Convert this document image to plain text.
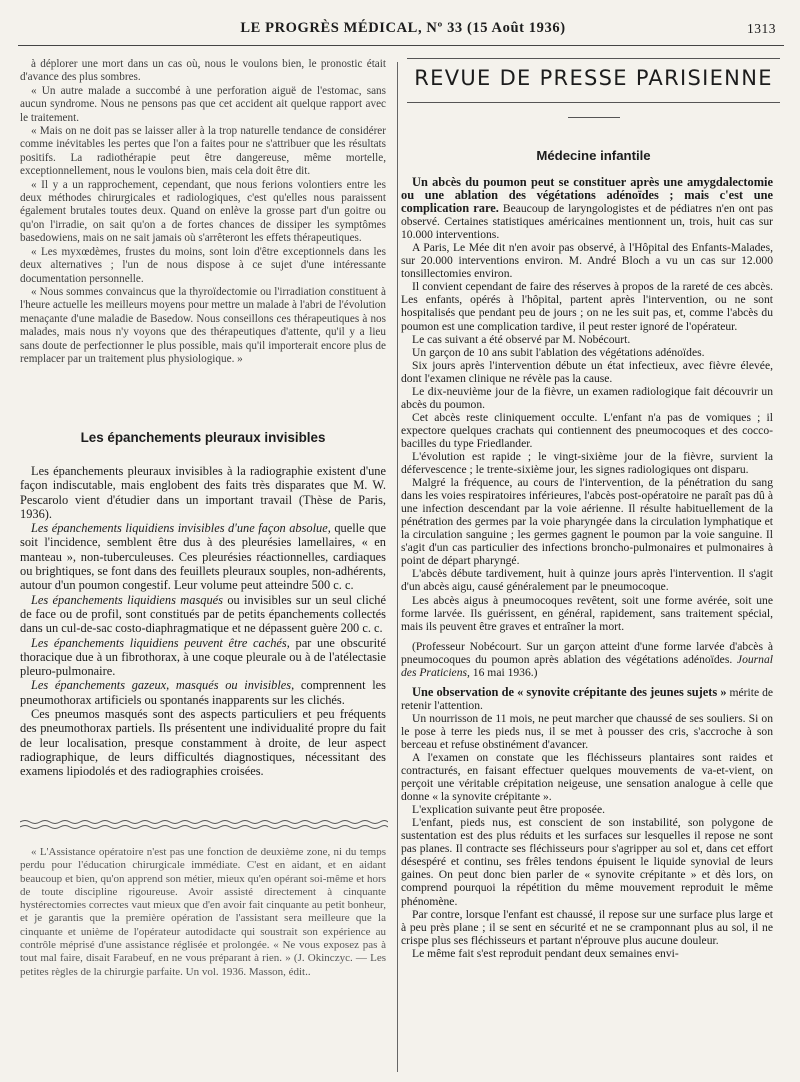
LE PROGRÈS MÉDICAL, Nº 33 (15 Août 1936)	1313

à déplorer une mort dans un cas où, nous le voulons bien, le pronostic était d'avance des plus sombres.

« Un autre malade a succombé à une perforation aiguë de l'estomac, sans aucun syndrome. Nous ne pensons pas que cet accident ait quelque rapport avec le traitement.

« Mais on ne doit pas se laisser aller à la trop naturelle tendance de considérer comme inévitables les pertes que l'on a faites pour ne s'attribuer que les résultats positifs. La radiothérapie peut être dangereuse, même mortelle, exceptionnellement, nous le voulons bien, mais cela doit être dit.

« Il y a un rapprochement, cependant, que nous ferions volontiers entre les deux méthodes chirurgicales et radiologiques, c'est qu'elles nous paraissent également brutales toutes deux. Quand on enlève la grosse part d'un goitre ou qu'on l'irradie, on sait qu'on a de fortes chances de dissiper les symptômes basedowiens, mais on ne sait jamais où s'arrêteront les effets thérapeutiques.

« Les myxœdèmes, frustes du moins, sont loin d'être exceptionnels dans les deux alternatives ; l'un de nous dispose à ce sujet d'une intéressante documentation personnelle.

« Nous sommes convaincus que la thyroïdectomie ou l'irradiation constituent à l'heure actuelle les meilleurs moyens pour mettre un malade à l'abri de l'évolution menaçante d'une maladie de Basedow. Nous conseillons ces thérapeutiques à nos malades, mais nous n'y voyons que des thérapeutiques d'attente, qu'il y a lieu sans doute de perfectionner le plus possible, mais qu'il importerait encore plus de remplacer par un traitement plus physiologique. »

Les épanchements pleuraux invisibles

Les épanchements pleuraux invisibles à la radiographie existent d'une façon indiscutable, mais englobent des faits très disparates que M. W. Pescarolo vient d'étudier dans un important travail (Thèse de Paris, 1936).

Les épanchements liquidiens invisibles d'une façon absolue, quelle que soit l'incidence, semblent être dus à des pleurésies lamellaires, « en manteau », non-tuberculeuses. Ces pleurésies réactionnelles, cardiaques ou brightiques, se font dans des feuillets pleuraux souples, non-adhérents, autour d'un poumon congestif. Leur volume peut atteindre 500 c. c.

Les épanchements liquidiens masqués ou invisibles sur un seul cliché de face ou de profil, sont constitués par de petits épanchements collectés dans un cul-de-sac costo-diaphragmatique et ne dépassent guère 200 c. c.

Les épanchements liquidiens peuvent être cachés, par une obscurité thoracique due à un fibrothorax, à une coque pleurale ou à de l'atélectasie pleuro-pulmonaire.

Les épanchements gazeux, masqués ou invisibles, comprennent les pneumothorax artificiels ou spontanés inapparents sur les clichés.

Ces pneumos masqués sont des aspects particuliers et peu fréquents des pneumothorax partiels. Ils présentent une individualité propre du fait de leur localisation, presque constamment à droite, de leur aspect radiographique, de leurs difficultés diagnostiques, nécessitant des examens lipiodolés et des radiographies croisées.

« L'Assistance opératoire n'est pas une fonction de deuxième zone, ni du temps perdu pour l'éducation chirurgicale immédiate. C'est en aidant, et en aidant beaucoup et bien, qu'on apprend son métier, mieux qu'en opérant soi-même et hors de toute discipline rigoureuse. Avoir assisté directement à cinquante hystérectomies correctes vaut mieux que d'en avoir fait cinquante au petit bonheur, et je garantis que la première opération de l'assistant sera meilleure que la cinquante et unième de l'opérateur autodidacte qui soustrait son expérience au contrôle méprisé d'une assistance réglisée et prolongée. « Ne vous exposez pas à tout mal faire, disait Farabeuf, en ne vous préparant à rien. » (J. Okinczyc. — Les petites règles de la chirurgie parfaite. Un vol. 1936. Masson, édit..

REVUE DE PRESSE PARISIENNE
Médecine infantile

Un abcès du poumon peut se constituer après une amygdalectomie ou une ablation des végétations adénoïdes ; mais c'est une complication rare. Beaucoup de laryngologistes et de pédiatres n'en ont pas observé. Certaines statistiques américaines mentionnent un, trois, huit cas sur 10.000 interventions.

A Paris, Le Mée dit n'en avoir pas observé, à l'Hôpital des Enfants-Malades, sur 20.000 interventions environ. M. André Bloch a vu un cas sur 12.000 tonsillectomies environ.

Il convient cependant de faire des réserves à propos de la rareté de ces abcès. Les enfants, opérés à l'hôpital, partent après l'intervention, ou ne sont hospitalisés que pendant peu de jours ; on ne les suit pas, et, comme l'abcès du poumon est une complication tardive, il peut rester ignoré de l'opérateur.

Le cas suivant a été observé par M. Nobécourt.

Un garçon de 10 ans subit l'ablation des végétations adénoïdes.

Six jours après l'intervention débute un état infectieux, avec fièvre élevée, dont l'examen clinique ne révèle pas la cause.

Le dix-neuvième jour de la fièvre, un examen radiologique fait découvrir un abcès du poumon.

Cet abcès reste cliniquement occulte. L'enfant n'a pas de vomiques ; il expectore quelques crachats qui contiennent des pneumocoques et des cocco-bacilles du type Friedlander.

L'évolution est rapide ; le vingt-sixième jour de la fièvre, survient la défervescence ; le trente-sixième jour, les signes radiologiques ont disparu.

Malgré la fréquence, au cours de l'intervention, de la pénétration du sang dans les voies respiratoires inférieures, l'abcès post-opératoire ne paraît pas dû à une infection descendant par la voie aérienne. Il résulte habituellement de la pénétration des germes par la voie pharyngée dans la circulation lymphatique et la circulation sanguine ; les germes gagnent le poumon par la voie sanguine. Il s'agit d'un cas particulier des infections broncho-pulmonaires et pulmonaires à point de départ pharyngé.

L'abcès débute tardivement, huit à quinze jours après l'intervention. Il s'agit d'un abcès aigu, causé généralement par le pneumocoque.

Les abcès aigus à pneumocoques revêtent, soit une forme avérée, soit une forme larvée. Ils guérissent, en général, rapidement, sans traitement spécial, mais ils peuvent être graves et entraîner la mort.

(Professeur Nobécourt. Sur un garçon atteint d'une forme larvée d'abcès à pneumocoques du poumon après ablation des végétations adénoïdes. Journal des Praticiens, 16 mai 1936.)

Une observation de « synovite crépitante des jeunes sujets » mérite de retenir l'attention.

Un nourrisson de 11 mois, ne peut marcher que chaussé de ses souliers. Si on le pose à terre les pieds nus, il se met à pousser des cris, s'accroche à son berceau et refuse obstinément d'avancer.

A l'examen on constate que les fléchisseurs plantaires sont raides et contracturés, en faisant effectuer quelques mouvements de va-et-vient, on perçoit une véritable crépitation neigeuse, une sensation analogue à celle que donne « la synovite crépitante ».

L'explication suivante peut être proposée.

L'enfant, pieds nus, est conscient de son instabilité, son polygone de sustentation est des plus réduits et les surfaces sur lesquelles il repose ne sont pas planes. Il contracte ses fléchisseurs pour s'agripper au sol et, dans cet effort désespéré et continu, ses frêles tendons épuisent le liquide synovial de leurs gaines. On peut donc bien parler de « synovite crépitante » et dès lors, on comprend pourquoi la répétition du même mouvement reproduit le même phénomène.

Par contre, lorsque l'enfant est chaussé, il repose sur une surface plus large et à peu près plane ; il se sent en sécurité et ne se cramponnant plus au sol, il ne crispe plus ses fléchisseurs et partant n'éprouve plus aucune douleur.

Le même fait s'est reproduit pendant deux semaines envi-
